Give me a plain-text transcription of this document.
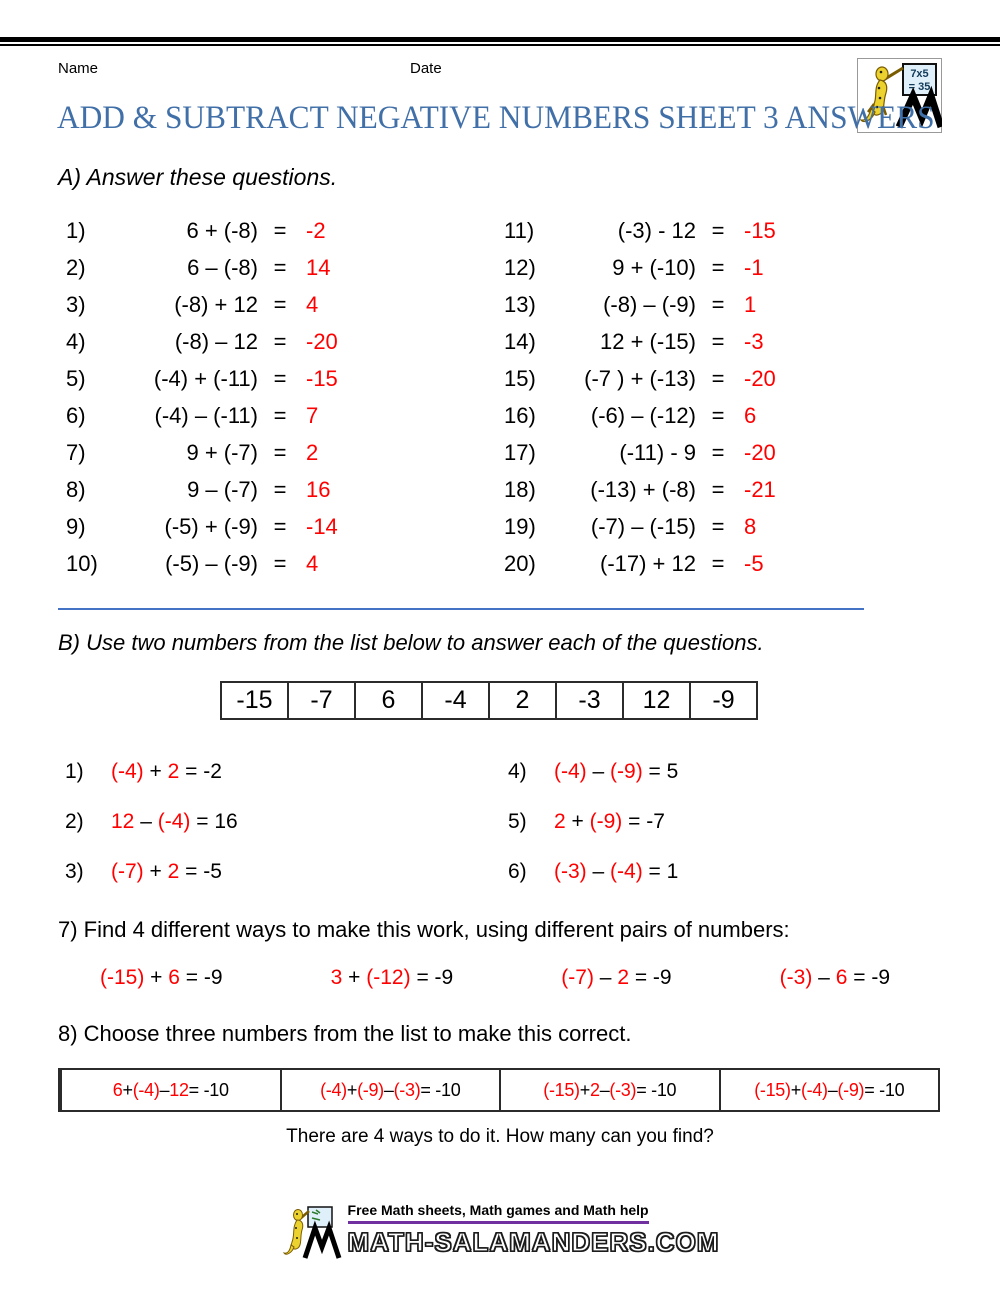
Name	Date	7x5
= 35
ADD & SUBTRACT NEGATIVE NUMBERS SHEET 3 ANSWERS
A) Answer these questions.
1)	6 + (-8) = -2
2)	6 – (-8) = 14
3)	(-8) + 12 = 4
4)	(-8) – 12 = -20
5)	(-4) + (-11) = -15
6)	(-4) – (-11) = 7
7)	9 + (-7) = 2
8)	9 – (-7) = 16
9)	(-5) + (-9) = -14
10)	(-5) – (-9) = 4
11)	(-3) - 12 = -15
12)	9 + (-10) = -1
13)	(-8) – (-9) = 1
14)	12 + (-15) = -3
15)	(-7 ) + (-13) = -20
16)	(-6) – (-12) = 6
17)	(-11) - 9 = -20
18)	(-13) + (-8) = -21
19)	(-7) – (-15) = 8
20)	(-17) + 12 = -5
B) Use two numbers from the list below to answer each of the questions.
-15	-7	6	-4	2	-3	12	-9
1)	(-4) + 2 = -2
2)	12 – (-4) = 16
3)	(-7) + 2 = -5
4)	(-4) – (-9) = 5
5)	2 + (-9) = -7
6)	(-3) – (-4) = 1
7) Find 4 different ways to make this work, using different pairs of numbers:
(-15) + 6 = -9	3 + (-12) = -9	(-7) – 2 = -9	(-3) – 6 = -9
8) Choose three numbers from the list to make this correct.
6 + (-4) – 12 = -10	(-4) + (-9) – (-3) = -10	(-15) + 2 – (-3) = -10	(-15) + (-4) – (-9) = -10
There are 4 ways to do it. How many can you find?
Free Math sheets, Math games and Math help
MATH-SALAMANDERS.COM
